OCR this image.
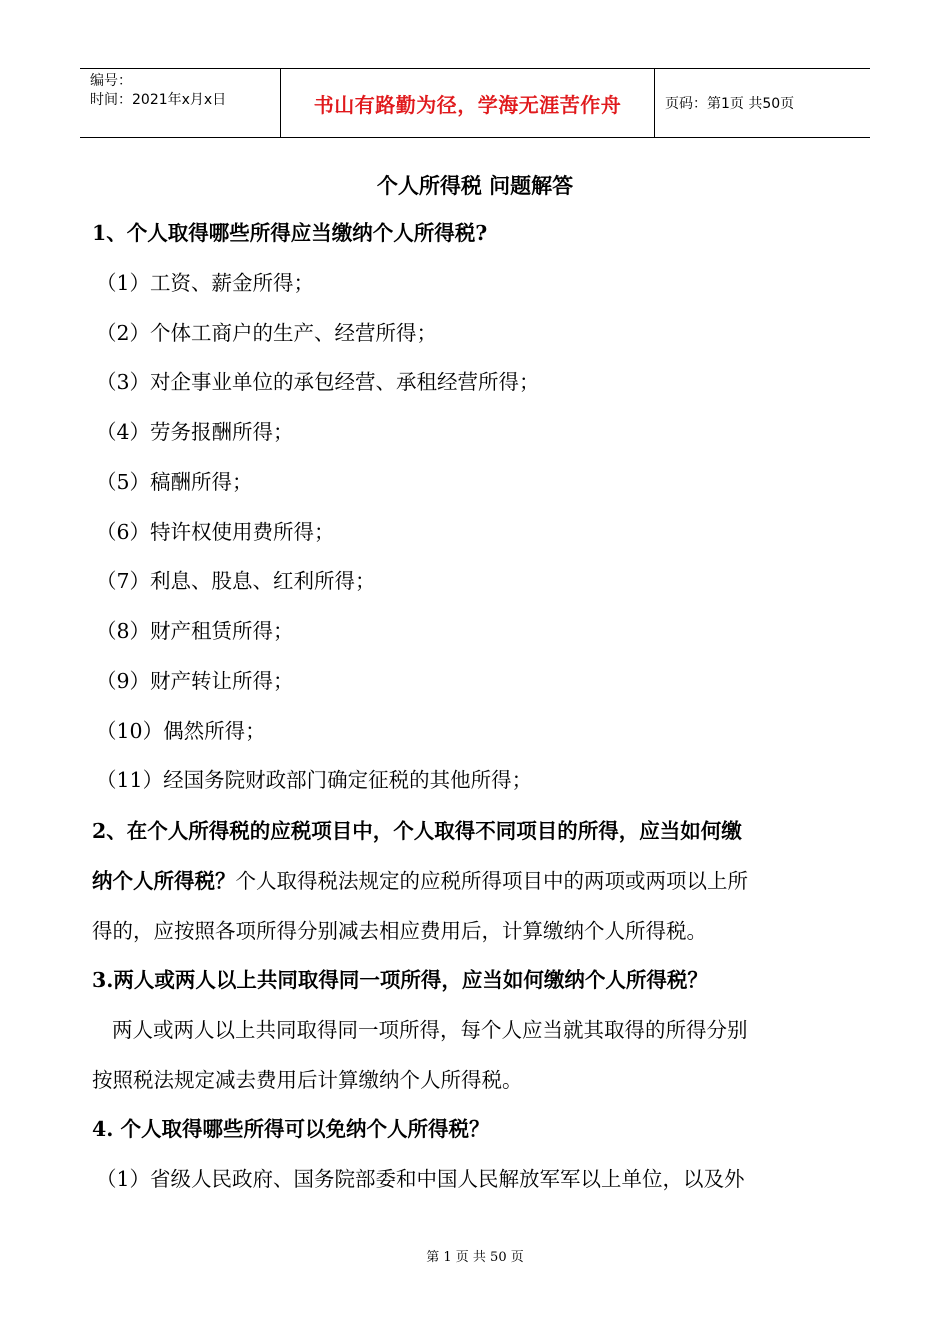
编号：
时间：2021年x月x日	书山有路勤为径，学海无涯苦作舟	页码：第1页 共50页
个人所得税 问题解答
1、个人取得哪些所得应当缴纳个人所得税?
（1）工资、薪金所得；
（2）个体工商户的生产、经营所得；
（3）对企事业单位的承包经营、承租经营所得；
（4）劳务报酬所得；
（5）稿酬所得；
（6）特许权使用费所得；
（7）利息、股息、红利所得；
（8）财产租赁所得；
（9）财产转让所得；
（10）偶然所得；
（11）经国务院财政部门确定征税的其他所得；
2、在个人所得税的应税项目中，个人取得不同项目的所得，应当如何缴
纳个人所得税？个人取得税法规定的应税所得项目中的两项或两项以上所
得的，应按照各项所得分别减去相应费用后，计算缴纳个人所得税。
3.两人或两人以上共同取得同一项所得，应当如何缴纳个人所得税？
两人或两人以上共同取得同一项所得，每个人应当就其取得的所得分别
按照税法规定减去费用后计算缴纳个人所得税。
4. 个人取得哪些所得可以免纳个人所得税？
（1）省级人民政府、国务院部委和中国人民解放军军以上单位，以及外
第 1 页 共 50 页
